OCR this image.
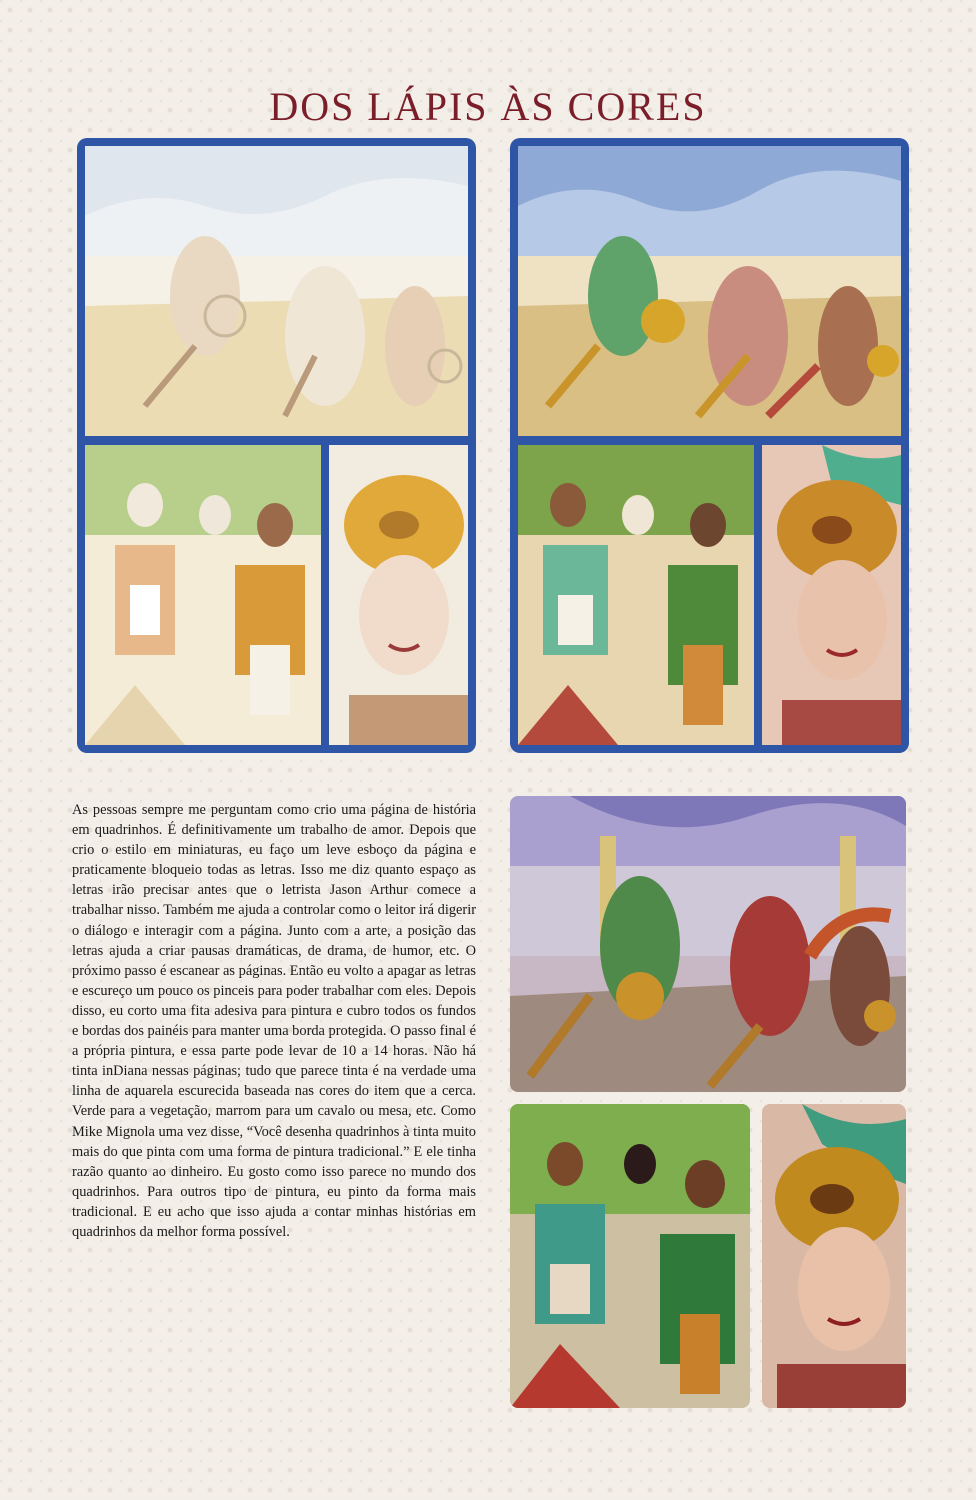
DOS LÁPIS ÀS CORES

As pessoas sempre me perguntam como crio uma página de história em quadrinhos. É definitivamente um trabalho de amor. Depois que crio o estilo em miniaturas, eu faço um leve esboço da página e praticamente bloqueio todas as letras. Isso me diz quanto espaço as letras irão precisar antes que o letrista Jason Arthur comece a trabalhar nisso. Também me ajuda a controlar como o leitor irá digerir o diálogo e interagir com a página. Junto com a arte, a posição das letras ajuda a criar pausas dramáticas, de drama, de humor, etc. O próximo passo é escanear as páginas. Então eu volto a apagar as letras e escureço um pouco os pinceis para poder trabalhar com eles. Depois disso, eu corto uma fita adesiva para pintura e cubro todos os fundos e bordas dos painéis para manter uma borda protegida. O passo final é a própria pintura, e essa parte pode levar de 10 a 14 horas. Não há tinta inDiana nessas páginas; tudo que parece tinta é na verdade uma linha de aquarela escurecida baseada nas cores do item que a cerca. Verde para a vegetação, marrom para um cavalo ou mesa, etc. Como Mike Mignola uma vez disse, “Você desenha quadrinhos à tinta muito mais do que pinta com uma forma de pintura tradicional.” E ele tinha razão quanto ao dinheiro. Eu gosto como isso parece no mundo dos quadrinhos. Para outros tipo de pintura, eu pinto da forma mais tradicional. E eu acho que isso ajuda a contar minhas histórias em quadrinhos da melhor forma possível.
